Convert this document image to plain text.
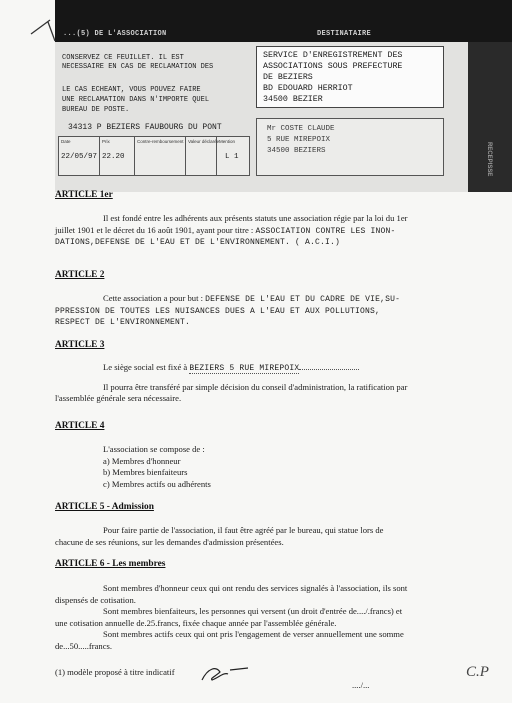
...(5) DE L'ASSOCIATION	DESTINATAIRE
RECEPISSE
CONSERVEZ CE FEUILLET. IL EST
NECESSAIRE EN CAS DE RECLAMATION DES
LE CAS ECHEANT, VOUS POUVEZ FAIRE
UNE RECLAMATION DANS N'IMPORTE QUEL
BUREAU DE POSTE.
34313 P BEZIERS FAUBOURG DU PONT
Date
22/05/97
Prix
22.20
Contre-remboursement Valeur déclarée Mention
L 1
SERVICE D'ENREGISTREMENT DES
ASSOCIATIONS SOUS PREFECTURE
DE BEZIERS
BD EDOUARD HERRIOT
34500 BEZIER
Mr COSTE CLAUDE
5 RUE MIREPOIX
34500 BEZIERS
ARTICLE 1er
Il est fondé entre les adhérents aux présents statuts une association régie par la loi du 1er
juillet 1901 et le décret du 16 août 1901, ayant pour titre : ASSOCIATION CONTRE LES INON-
DATIONS,DEFENSE DE L'EAU ET DE L'ENVIRONNEMENT. ( A.C.I.)
ARTICLE 2
Cette association a pour but : DEFENSE DE L'EAU ET DU CADRE DE VIE,SU-
PPRESSION DE TOUTES LES NUISANCES DUES A L'EAU ET AUX POLLUTIONS,
RESPECT DE L'ENVIRONNEMENT.
ARTICLE 3
Le siège social est fixé à BEZIERS 5 RUE MIREPOIX

Il pourra être transféré par simple décision du conseil d'administration, la ratification par
l'assemblée générale sera nécessaire.
ARTICLE 4
L'association se compose de :
a) Membres d'honneur
b) Membres bienfaiteurs
c) Membres actifs ou adhérents
ARTICLE 5 - Admission
Pour faire partie de l'association, il faut être agréé par le bureau, qui statue lors de
chacune de ses réunions, sur les demandes d'admission présentées.
ARTICLE 6 - Les membres
Sont membres d'honneur ceux qui ont rendu des services signalés à l'association, ils sont
dispensés de cotisation.
Sont membres bienfaiteurs, les personnes qui versent (un droit d'entrée de..../.francs) et
une cotisation annuelle de.25.francs, fixée chaque année par l'assemblée générale.
Sont membres actifs ceux qui ont pris l'engagement de verser annuellement une somme
de...50.....francs.
(1) modèle proposé à titre indicatif
..../...
C.P
